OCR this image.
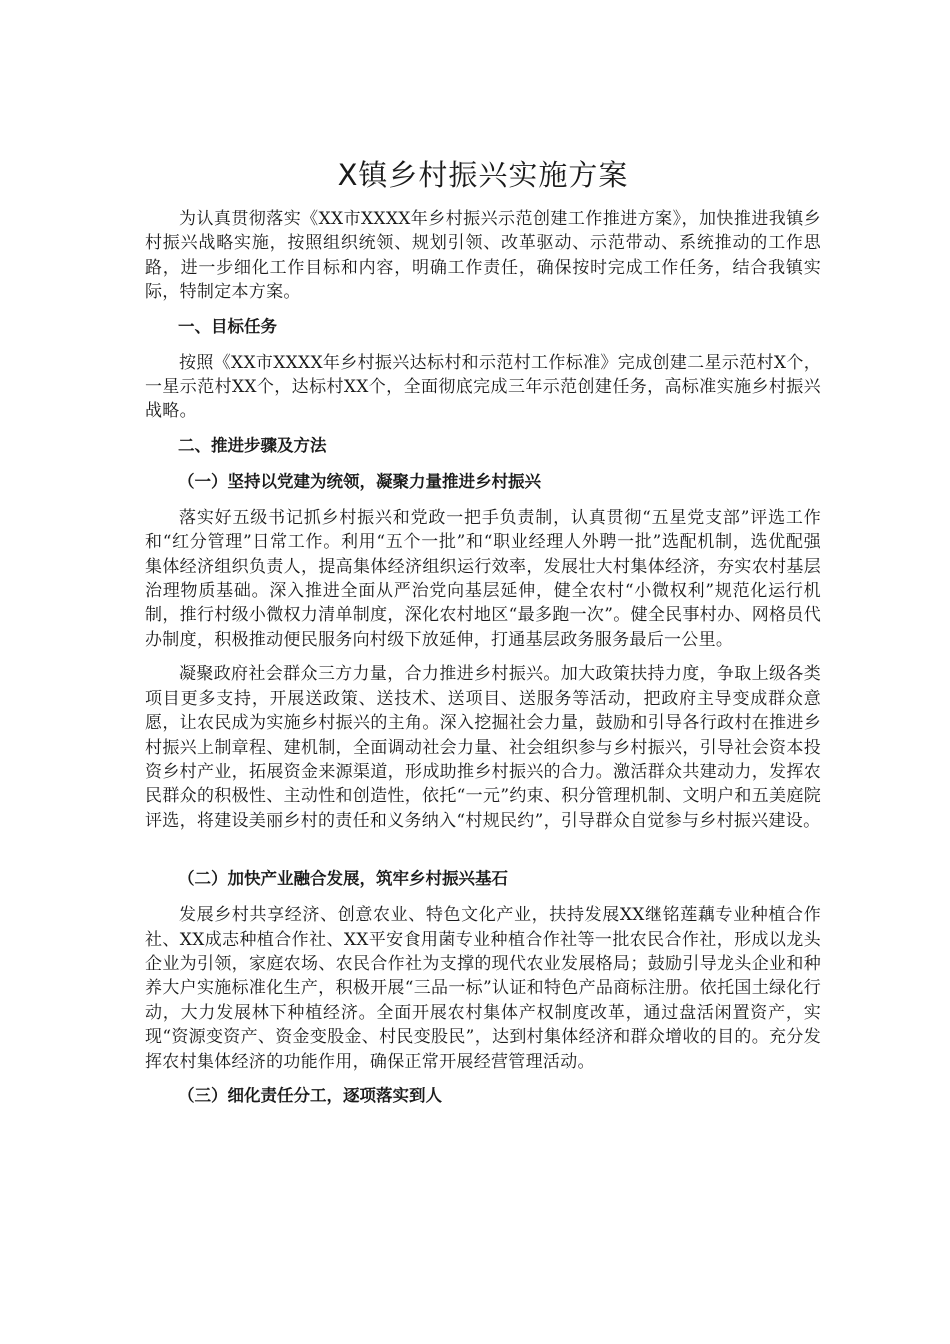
X镇乡村振兴实施方案

为认真贯彻落实《XX市XXXX年乡村振兴示范创建工作推进方案》，加快推进我镇乡村振兴战略实施，按照组织统领、规划引领、改革驱动、示范带动、系统推动的工作思路，进一步细化工作目标和内容，明确工作责任，确保按时完成工作任务，结合我镇实际，特制定本方案。

一、目标任务

按照《XX市XXXX年乡村振兴达标村和示范村工作标准》完成创建二星示范村X个，一星示范村XX个，达标村XX个，全面彻底完成三年示范创建任务，高标准实施乡村振兴战略。

二、推进步骤及方法
（一）坚持以党建为统领，凝聚力量推进乡村振兴

落实好五级书记抓乡村振兴和党政一把手负责制，认真贯彻“五星党支部”评选工作和“红分管理”日常工作。利用“五个一批”和“职业经理人外聘一批”选配机制，选优配强集体经济组织负责人，提高集体经济组织运行效率，发展壮大村集体经济，夯实农村基层治理物质基础。深入推进全面从严治党向基层延伸，健全农村“小微权利”规范化运行机制，推行村级小微权力清单制度，深化农村地区“最多跑一次”。健全民事村办、网格员代办制度，积极推动便民服务向村级下放延伸，打通基层政务服务最后一公里。

凝聚政府社会群众三方力量，合力推进乡村振兴。加大政策扶持力度，争取上级各类项目更多支持，开展送政策、送技术、送项目、送服务等活动，把政府主导变成群众意愿，让农民成为实施乡村振兴的主角。深入挖掘社会力量，鼓励和引导各行政村在推进乡村振兴上制章程、建机制，全面调动社会力量、社会组织参与乡村振兴，引导社会资本投资乡村产业，拓展资金来源渠道，形成助推乡村振兴的合力。激活群众共建动力，发挥农民群众的积极性、主动性和创造性，依托“一元”约束、积分管理机制、文明户和五美庭院评选，将建设美丽乡村的责任和义务纳入“村规民约”，引导群众自觉参与乡村振兴建设。

（二）加快产业融合发展，筑牢乡村振兴基石

发展乡村共享经济、创意农业、特色文化产业，扶持发展XX继铭莲藕专业种植合作社、XX成志种植合作社、XX平安食用菌专业种植合作社等一批农民合作社，形成以龙头企业为引领，家庭农场、农民合作社为支撑的现代农业发展格局；鼓励引导龙头企业和种养大户实施标准化生产，积极开展“三品一标”认证和特色产品商标注册。依托国土绿化行动，大力发展林下种植经济。全面开展农村集体产权制度改革，通过盘活闲置资产，实现“资源变资产、资金变股金、村民变股民”，达到村集体经济和群众增收的目的。充分发挥农村集体经济的功能作用，确保正常开展经营管理活动。

（三）细化责任分工，逐项落实到人
